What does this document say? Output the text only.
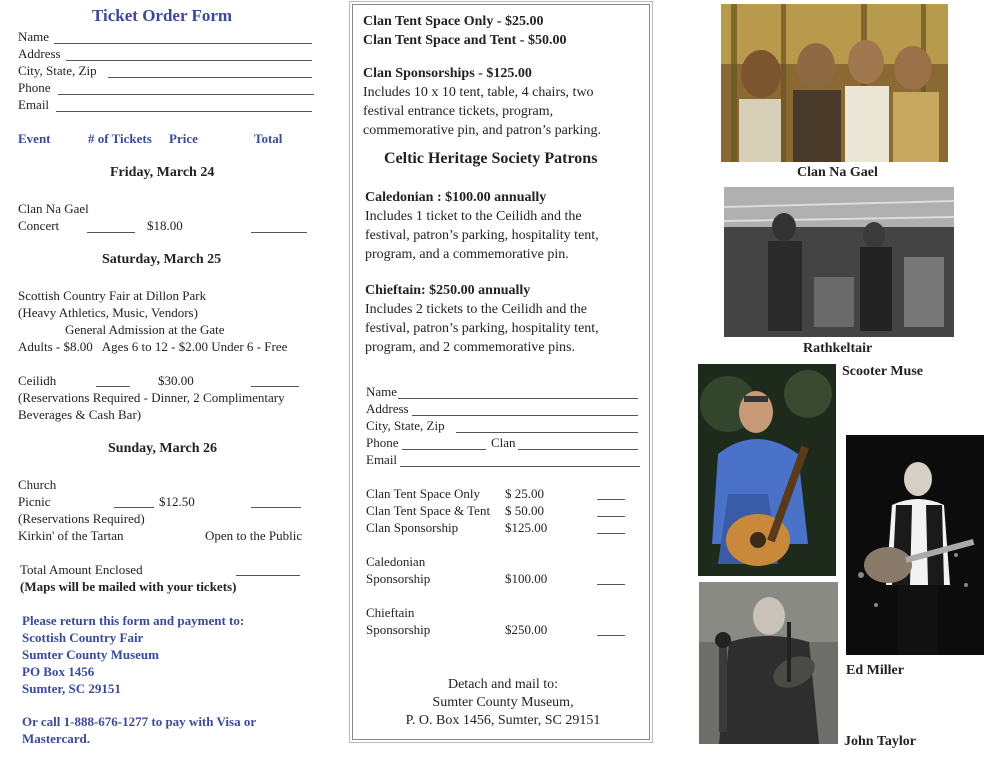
Ticket Order Form
Name
Address
City, State, Zip
Phone
Email
Event	# of Tickets Price	Total
Friday, March 24
Clan Na Gael
Concert	$18.00
Saturday, March 25
Scottish Country Fair at Dillon Park
(Heavy Athletics, Music, Vendors)
General Admission at the Gate
Adults - $8.00   Ages 6 to 12 - $2.00 Under 6 - Free
Ceilidh	$30.00
(Reservations Required - Dinner, 2 Complimentary
Beverages & Cash Bar)
Sunday, March 26
Church
Picnic	$12.50
(Reservations Required)
Kirkin' of the Tartan	Open to the Public
Total Amount Enclosed
(Maps will be mailed with your tickets)
Please return this form and payment to:
Scottish Country Fair
Sumter County Museum
PO Box 1456
Sumter, SC 29151
Or call 1-888-676-1277 to pay with Visa or
Mastercard.
Clan Tent Space Only - $25.00
Clan Tent Space and Tent - $50.00
Clan Sponsorships - $125.00
Includes 10 x 10 tent, table, 4 chairs, two
festival entrance tickets, program,
commemorative pin, and patron’s parking.
Celtic Heritage Society Patrons
Caledonian : $100.00 annually
Includes 1 ticket to the Ceilidh and the
festival, patron’s parking, hospitality tent,
program, and a commemorative pin.
Chieftain: $250.00 annually
Includes 2 tickets to the Ceilidh and the
festival, patron’s parking, hospitality tent,
program, and 2 commemorative pins.
Name
Address
City, State, Zip
Phone	Clan
Email
Clan Tent Space Only $ 25.00
Clan Tent Space & Tent $ 50.00
Clan Sponsorship	$125.00
Caledonian
Sponsorship	$100.00
Chieftain
Sponsorship	$250.00
Detach and mail to:
Sumter County Museum,
P. O. Box 1456, Sumter, SC 29151
Clan Na Gael
Rathkeltair
Scooter Muse
Ed Miller
John Taylor
